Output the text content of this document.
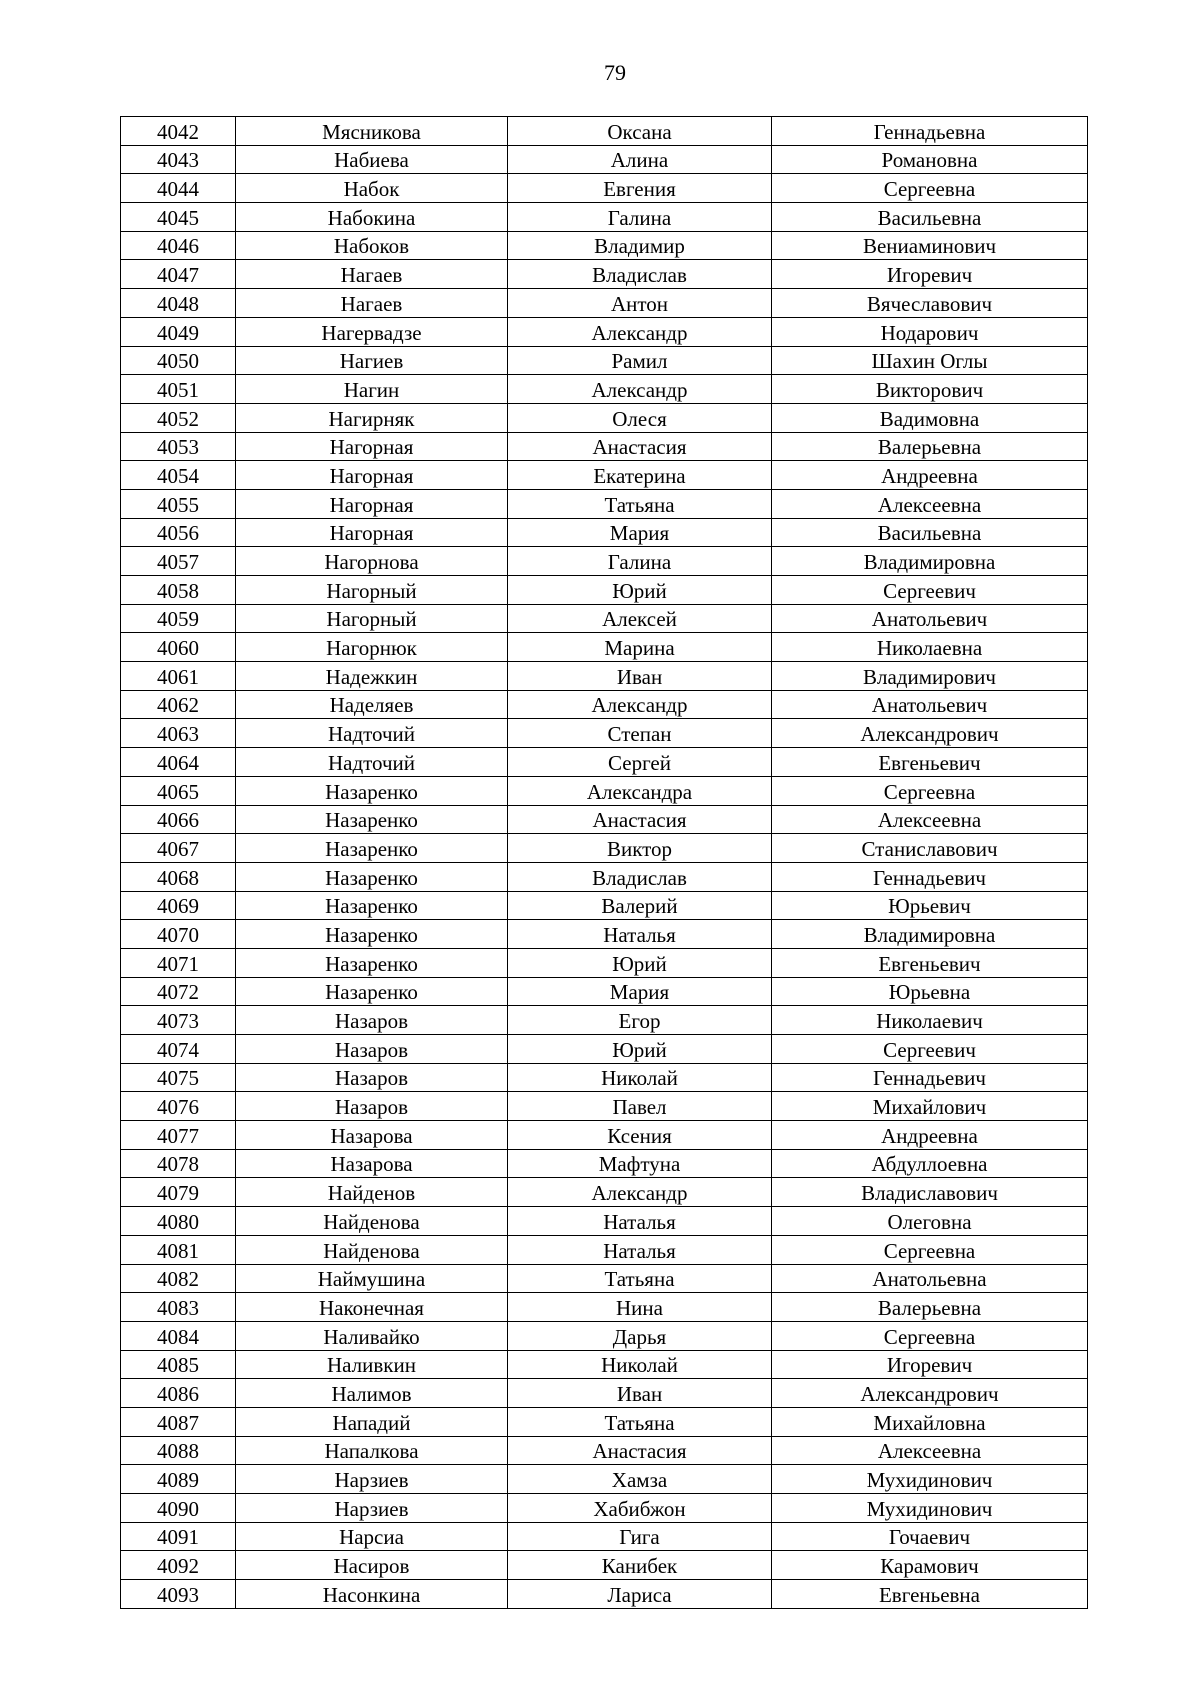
79
4042	Мясникова	Оксана	Геннадьевна
4043	Набиева	Алина	Романовна
4044	Набок	Евгения	Сергеевна
4045	Набокина	Галина	Васильевна
4046	Набоков	Владимир	Вениаминович
4047	Нагаев	Владислав	Игоревич
4048	Нагаев	Антон	Вячеславович
4049	Нагервадзе	Александр	Нодарович
4050	Нагиев	Рамил	Шахин Оглы
4051	Нагин	Александр	Викторович
4052	Нагирняк	Олеся	Вадимовна
4053	Нагорная	Анастасия	Валерьевна
4054	Нагорная	Екатерина	Андреевна
4055	Нагорная	Татьяна	Алексеевна
4056	Нагорная	Мария	Васильевна
4057	Нагорнова	Галина	Владимировна
4058	Нагорный	Юрий	Сергеевич
4059	Нагорный	Алексей	Анатольевич
4060	Нагорнюк	Марина	Николаевна
4061	Надежкин	Иван	Владимирович
4062	Наделяев	Александр	Анатольевич
4063	Надточий	Степан	Александрович
4064	Надточий	Сергей	Евгеньевич
4065	Назаренко	Александра	Сергеевна
4066	Назаренко	Анастасия	Алексеевна
4067	Назаренко	Виктор	Станиславович
4068	Назаренко	Владислав	Геннадьевич
4069	Назаренко	Валерий	Юрьевич
4070	Назаренко	Наталья	Владимировна
4071	Назаренко	Юрий	Евгеньевич
4072	Назаренко	Мария	Юрьевна
4073	Назаров	Егор	Николаевич
4074	Назаров	Юрий	Сергеевич
4075	Назаров	Николай	Геннадьевич
4076	Назаров	Павел	Михайлович
4077	Назарова	Ксения	Андреевна
4078	Назарова	Мафтуна	Абдуллоевна
4079	Найденов	Александр	Владиславович
4080	Найденова	Наталья	Олеговна
4081	Найденова	Наталья	Сергеевна
4082	Наймушина	Татьяна	Анатольевна
4083	Наконечная	Нина	Валерьевна
4084	Наливайко	Дарья	Сергеевна
4085	Наливкин	Николай	Игоревич
4086	Налимов	Иван	Александрович
4087	Нападий	Татьяна	Михайловна
4088	Напалкова	Анастасия	Алексеевна
4089	Нарзиев	Хамза	Мухидинович
4090	Нарзиев	Хабибжон	Мухидинович
4091	Нарсиа	Гига	Гочаевич
4092	Насиров	Канибек	Карамович
4093	Насонкина	Лариса	Евгеньевна
